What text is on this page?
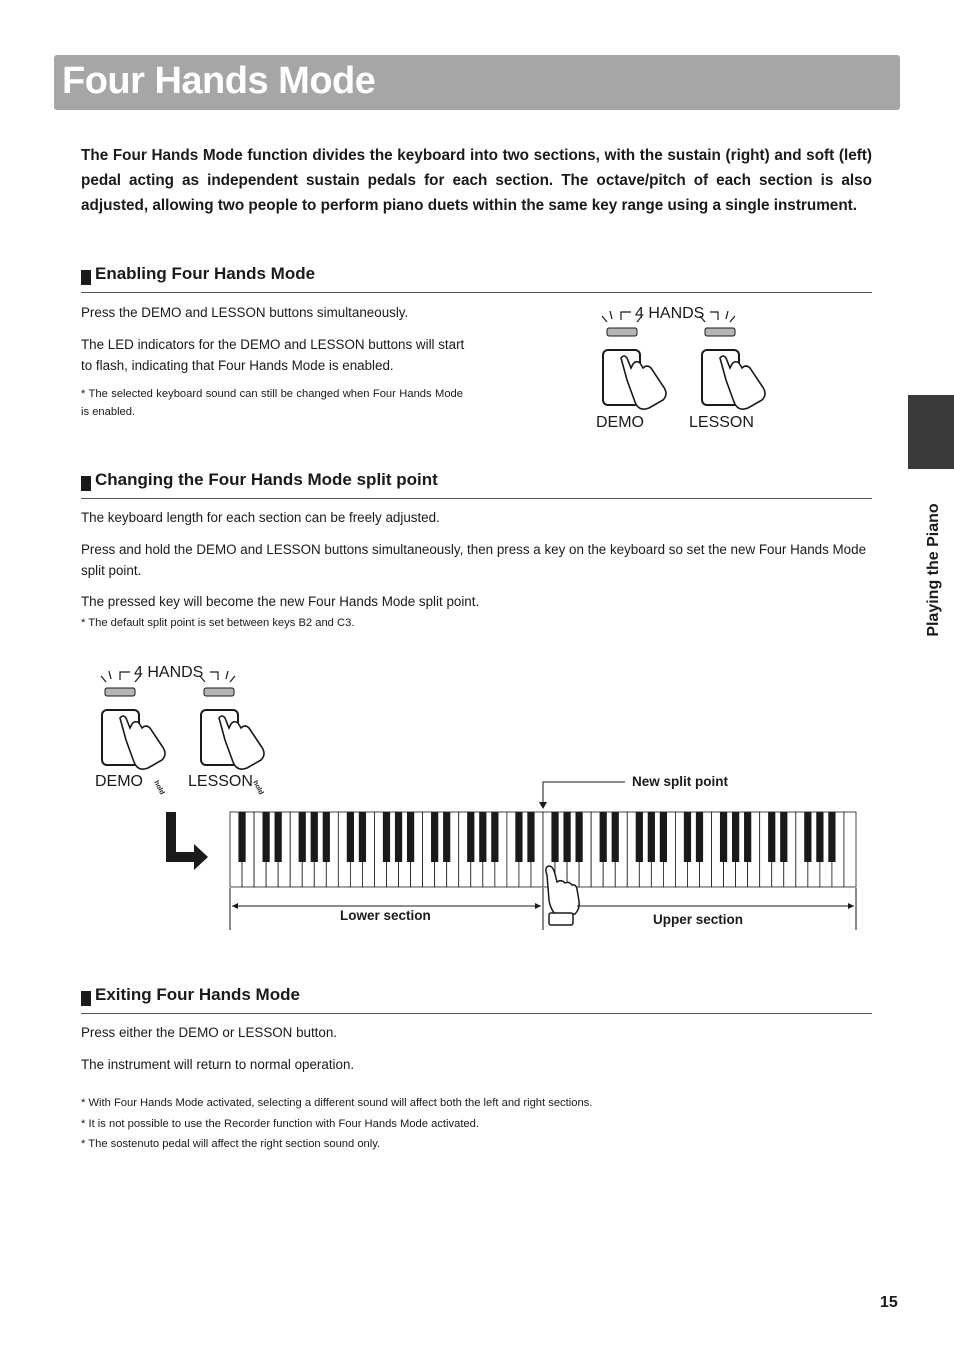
Four Hands Mode

The Four Hands Mode function divides the keyboard into two sections, with the sustain (right) and soft (left) pedal acting as independent sustain pedals for each section. The octave/pitch of each section is also adjusted, allowing two people to perform piano duets within the same key range using a single instrument.

Enabling Four Hands Mode

Press the DEMO and LESSON buttons simultaneously.

The LED indicators for the DEMO and LESSON buttons will start to flash, indicating that Four Hands Mode is enabled.

* The selected keyboard sound can still be changed when Four Hands Mode is enabled.

4 HANDS
DEMO	LESSON
Changing the Four Hands Mode split point

The keyboard length for each section can be freely adjusted.

Press and hold the DEMO and LESSON buttons simultaneously, then press a key on the keyboard so set the new Four Hands Mode split point.

The pressed key will become the new Four Hands Mode split point.

* The default split point is set between keys B2 and C3.

4 HANDS
DEMO	LESSON
hold	hold	New split point
Lower section	Upper section
Exiting Four Hands Mode

Press either the DEMO or LESSON button.

The instrument will return to normal operation.

* With Four Hands Mode activated, selecting a different sound will affect both the left and right sections.

* It is not possible to use the Recorder function with Four Hands Mode activated.

* The sostenuto pedal will affect the right section sound only.

Playing the Piano

15
